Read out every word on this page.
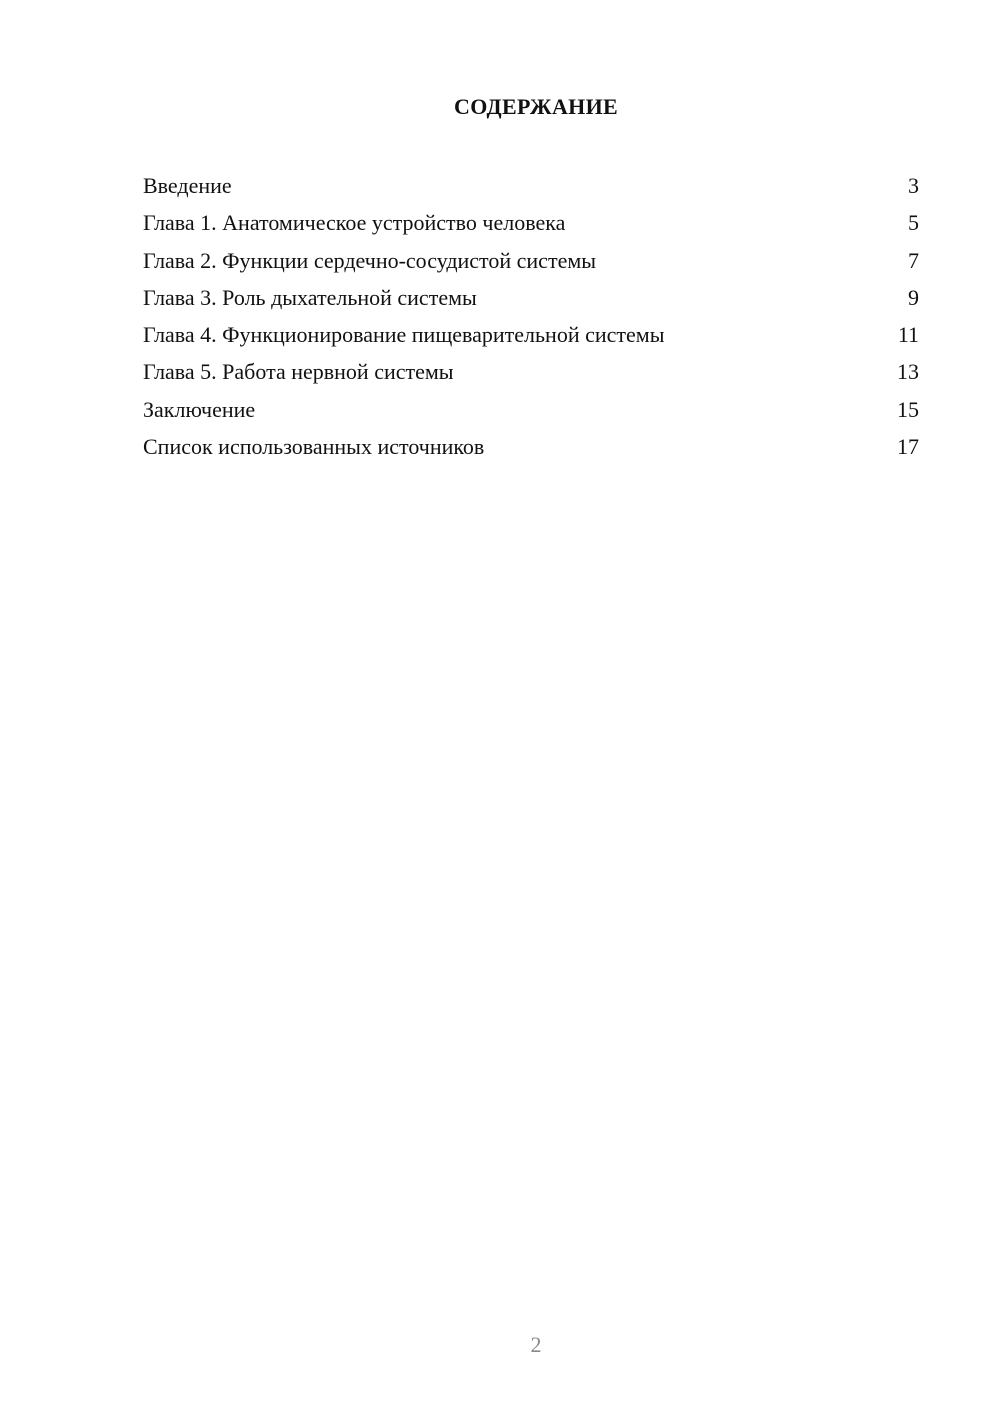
СОДЕРЖАНИЕ
Введение	3
Глава 1. Анатомическое устройство человека	5
Глава 2. Функции сердечно-сосудистой системы	7
Глава 3. Роль дыхательной системы	9
Глава 4. Функционирование пищеварительной системы	11
Глава 5. Работа нервной системы	13
Заключение	15
Список использованных источников	17
2
